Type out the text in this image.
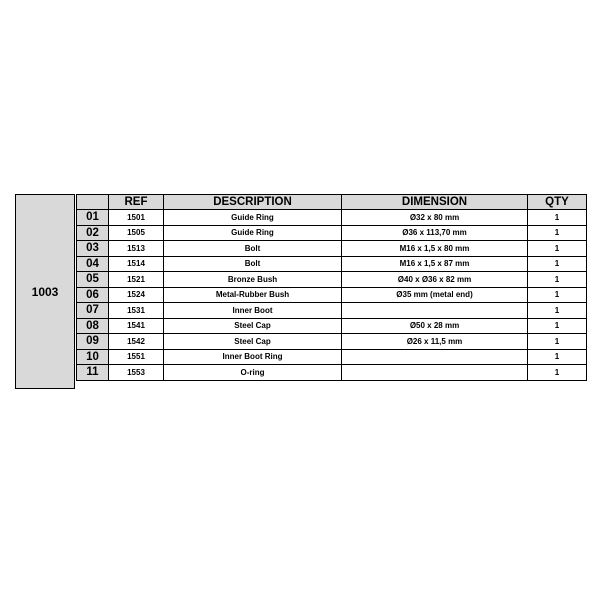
1003
	REF	DESCRIPTION	DIMENSION	QTY
01	1501	Guide Ring	Ø32 x 80 mm	1
02	1505	Guide Ring	Ø36 x 113,70 mm	1
03	1513	Bolt	M16 x 1,5 x 80 mm	1
04	1514	Bolt	M16 x 1,5 x 87 mm	1
05	1521	Bronze Bush	Ø40 x Ø36 x 82 mm	1
06	1524	Metal-Rubber Bush	Ø35 mm (metal end)	1
07	1531	Inner Boot		1
08	1541	Steel Cap	Ø50 x 28 mm	1
09	1542	Steel Cap	Ø26 x 11,5 mm	1
10	1551	Inner Boot Ring		1
11	1553	O-ring		1
